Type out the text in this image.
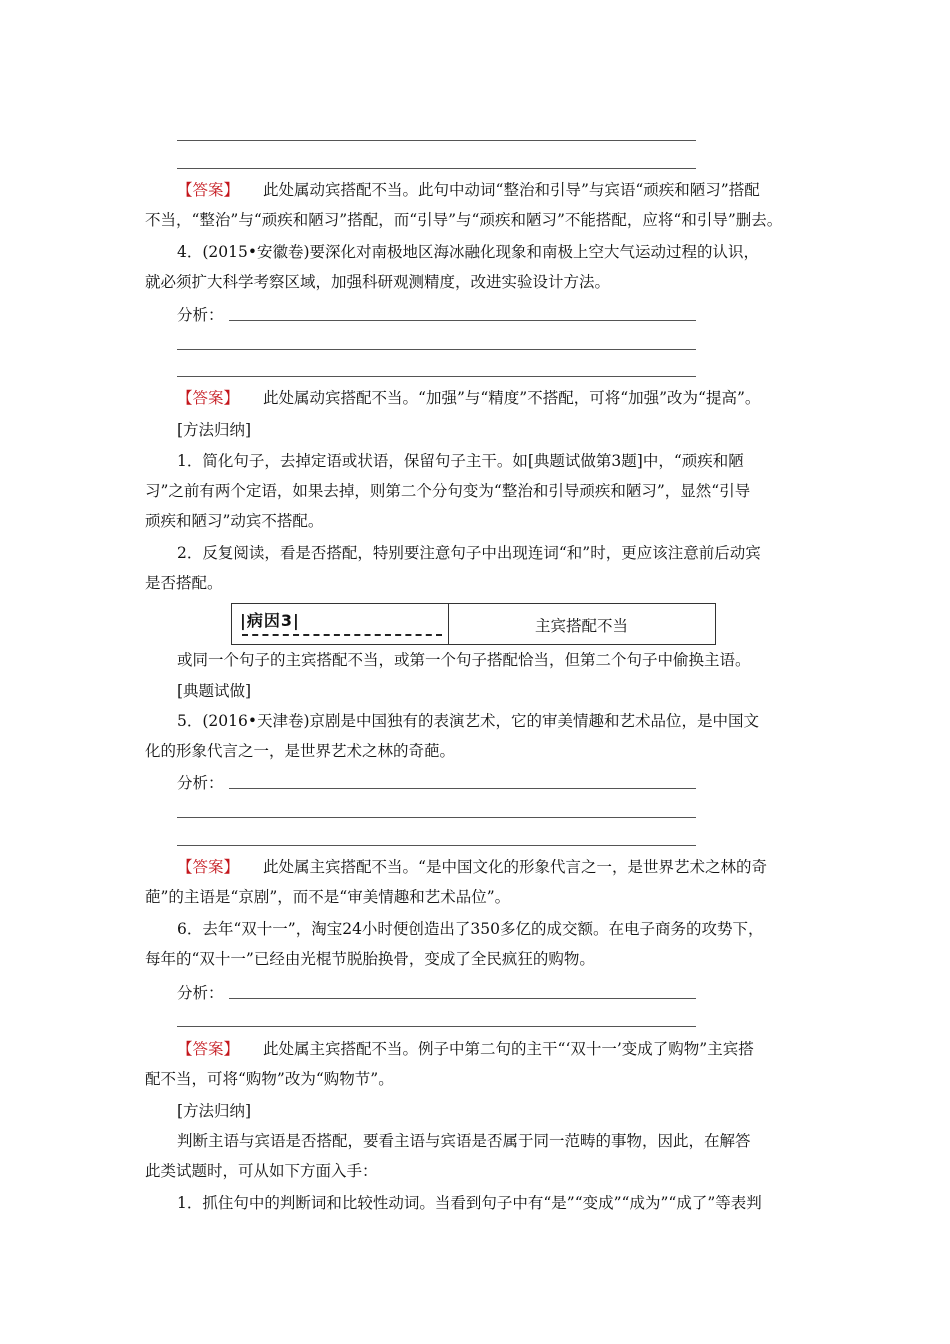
【答案】 此处属动宾搭配不当。此句中动词“整治和引导”与宾语“顽疾和陋习”搭配
不当，“整治”与“顽疾和陋习”搭配，而“引导”与“顽疾和陋习”不能搭配，应将“和引导”删去。
4．(2015•安徽卷)要深化对南极地区海冰融化现象和南极上空大气运动过程的认识，
就必须扩大科学考察区域，加强科研观测精度，改进实验设计方法。
分析：
【答案】 此处属动宾搭配不当。“加强”与“精度”不搭配，可将“加强”改为“提高”。
[方法归纳]
1．简化句子，去掉定语或状语，保留句子主干。如[典题试做第3题]中，“顽疾和陋
习”之前有两个定语，如果去掉，则第二个分句变为“整治和引导顽疾和陋习”，显然“引导
顽疾和陋习”动宾不搭配。
2．反复阅读，看是否搭配，特别要注意句子中出现连词“和”时，更应该注意前后动宾
是否搭配。
|病因3|	主宾搭配不当
或同一个句子的主宾搭配不当，或第一个句子搭配恰当，但第二个句子中偷换主语。
[典题试做]
5．(2016•天津卷)京剧是中国独有的表演艺术，它的审美情趣和艺术品位，是中国文
化的形象代言之一，是世界艺术之林的奇葩。
分析：
【答案】 此处属主宾搭配不当。“是中国文化的形象代言之一，是世界艺术之林的奇
葩”的主语是“京剧”，而不是“审美情趣和艺术品位”。
6．去年“双十一”，淘宝24小时便创造出了350多亿的成交额。在电子商务的攻势下，
每年的“双十一”已经由光棍节脱胎换骨，变成了全民疯狂的购物。
分析：
【答案】 此处属主宾搭配不当。例子中第二句的主干“‘双十一’变成了购物”主宾搭
配不当，可将“购物”改为“购物节”。
[方法归纳]
判断主语与宾语是否搭配，要看主语与宾语是否属于同一范畴的事物，因此，在解答
此类试题时，可从如下方面入手：
1．抓住句中的判断词和比较性动词。当看到句子中有“是”“变成”“成为”“成了”等表判
